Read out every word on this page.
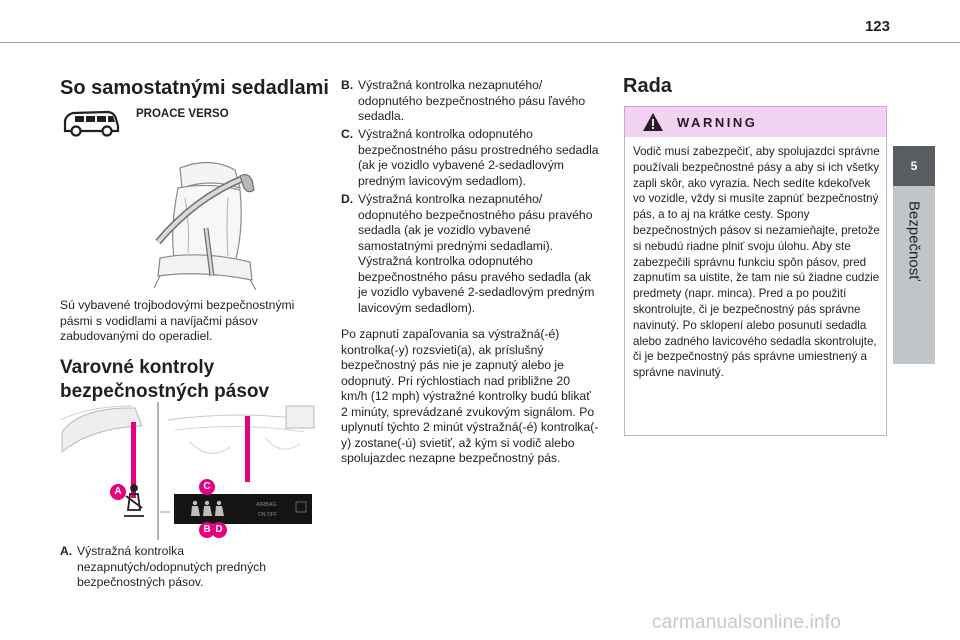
123
5
Bezpečnosť
So samostatnými sedadlami
PROACE VERSO
Sú vybavené trojbodovými bezpečnostnými pásmi s vodidlami a navíjačmi pásov zabudovanými do operadiel.
Varovné kontroly
bezpečnostných pásov
AIRBAG
ON OFF
A
B
C
D
A. Výstražná kontrolka nezapnutých/odopnutých predných bezpečnostných pásov.
B. Výstražná kontrolka nezapnutého/ odopnutého bezpečnostného pásu ľavého sedadla.
C. Výstražná kontrolka odopnutého bezpečnostného pásu prostredného sedadla (ak je vozidlo vybavené 2-sedadlovým predným lavicovým sedadlom).
D. Výstražná kontrolka nezapnutého/ odopnutého bezpečnostného pásu pravého sedadla (ak je vozidlo vybavené samostatnými prednými sedadlami). Výstražná kontrolka odopnutého bezpečnostného pásu pravého sedadla (ak je vozidlo vybavené 2-sedadlovým predným lavicovým sedadlom).
Po zapnutí zapaľovania sa výstražná(-é) kontrolka(-y) rozsvieti(a), ak príslušný bezpečnostný pás nie je zapnutý alebo je odopnutý. Pri rýchlostiach nad približne 20 km/h (12 mph) výstražné kontrolky budú blikať 2 minúty, sprevádzané zvukovým signálom. Po uplynutí týchto 2 minút výstražná(-é) kontrolka(-y) zostane(-ú) svietiť, až kým si vodič alebo spolujazdec nezapne bezpečnostný pás.
Rada
WARNING
Vodič musí zabezpečiť, aby spolujazdci správne používali bezpečnostné pásy a aby si ich všetky zapli skôr, ako vyrazia. Nech sedíte kdekoľvek vo vozidle, vždy si musíte zapnúť bezpečnostný pás, a to aj na krátke cesty. Spony bezpečnostných pásov si nezamieňajte, pretože si nebudú riadne plniť svoju úlohu. Aby ste zabezpečili správnu funkciu spôn pásov, pred zapnutím sa uistite, že tam nie sú žiadne cudzie predmety (napr. minca). Pred a po použití skontrolujte, či je bezpečnostný pás správne navinutý. Po sklopení alebo posunutí sedadla alebo zadného lavicového sedadla skontrolujte, či je bezpečnostný pás správne umiestnený a správne navinutý.
carmanualsonline.info
